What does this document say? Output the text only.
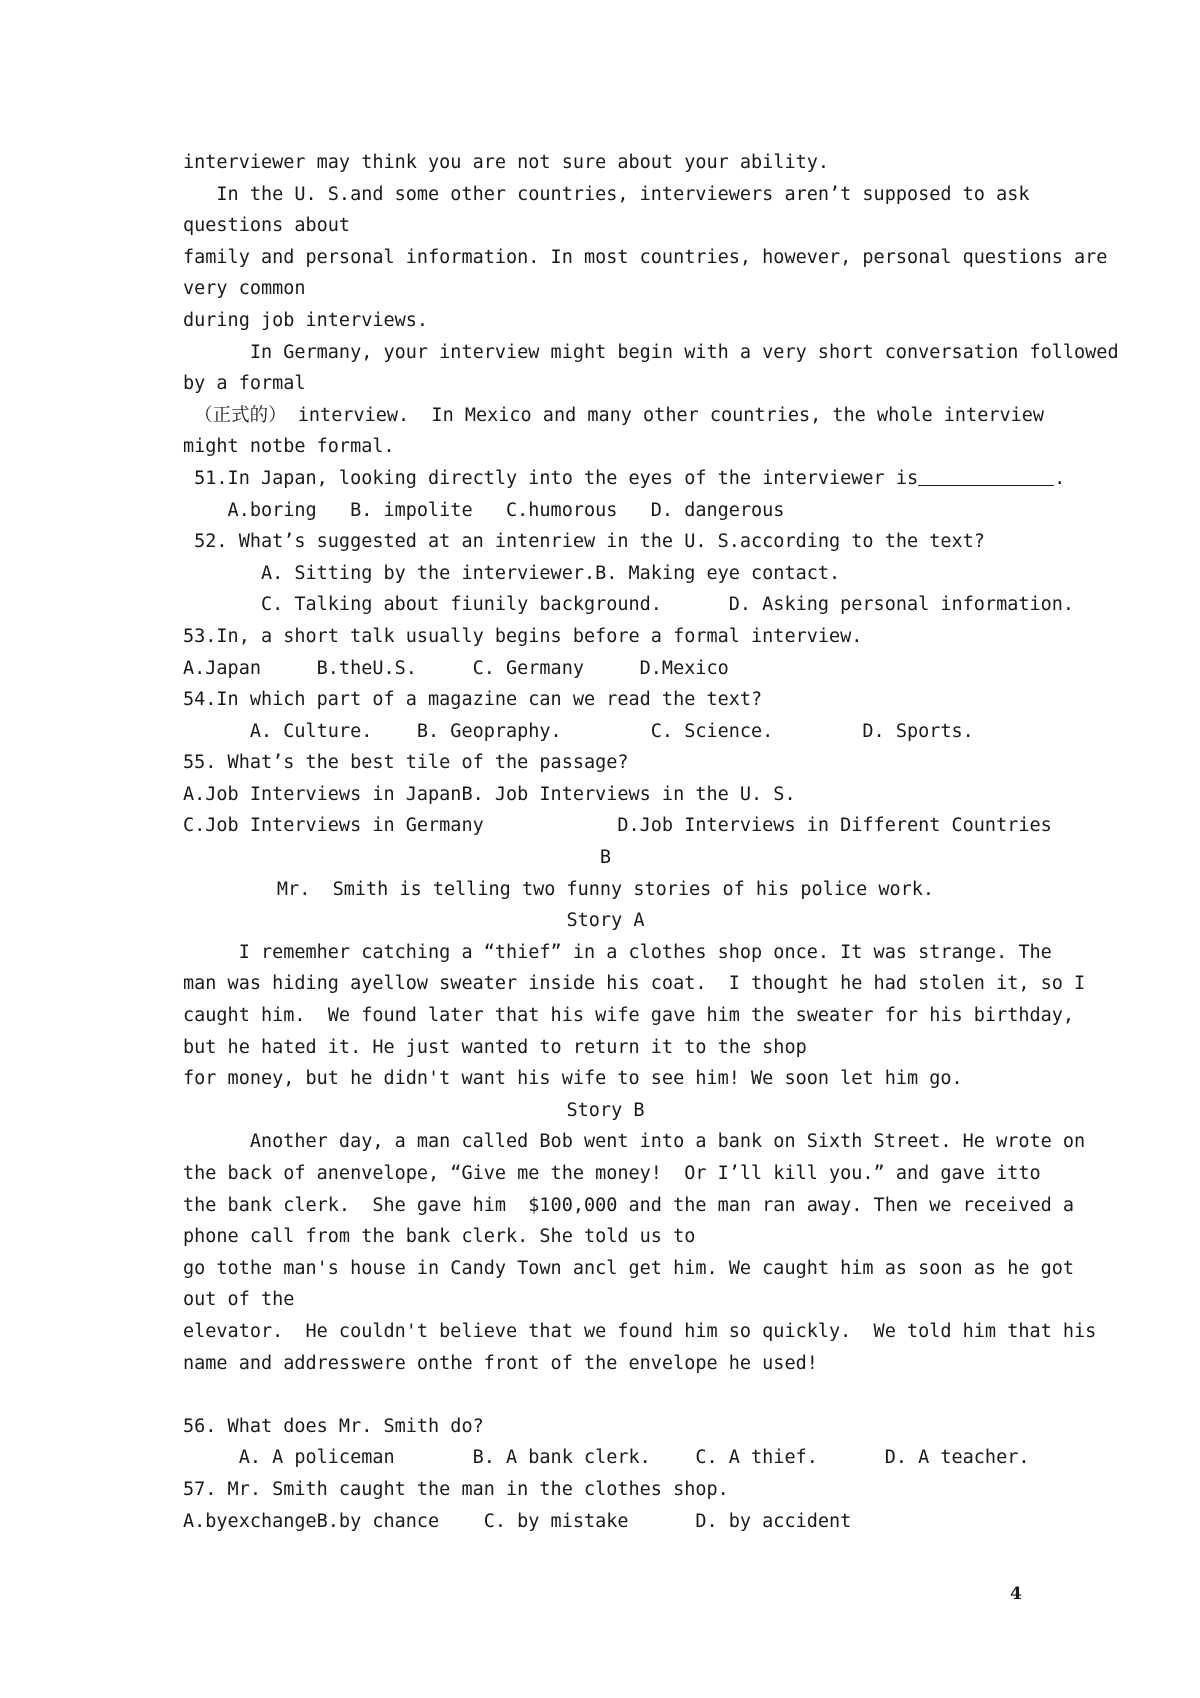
interviewer may think you are not sure about your ability.
In the U. S.and some other countries, interviewers aren’t supposed to ask
questions about
family and personal information. In most countries, however, personal questions are
very common
during job interviews.
In Germany, your interview might begin with a very short conversation followed
by a formal
（正式的） interview.  In Mexico and many other countries, the whole interview
might notbe formal.
51.In Japan, looking directly into the eyes of the interviewer is	.
A.boring   B. impolite   C.humorous   D. dangerous
52. What’s suggested at an intenriew in the U. S.according to the text?
A. Sitting by the interviewer.B. Making eye contact.
C. Talking about fiunily background.      D. Asking personal information.
53.In, a short talk usually begins before a formal interview.
A.Japan     B.theU.S.     C. Germany     D.Mexico
54.In which part of a magazine can we read the text?
A. Culture.    B. Geopraphy.        C. Science.        D. Sports.
55. What’s the best tile of the passage?
A.Job Interviews in JapanB. Job Interviews in the U. S.
C.Job Interviews in Germany            D.Job Interviews in Different Countries
B
Mr.  Smith is telling two funny stories of his police work.
Story A
I rememher catching a “thief” in a clothes shop once. It was strange. The
man was hiding ayellow sweater inside his coat.  I thought he had stolen it, so I
caught him.  We found later that his wife gave him the sweater for his birthday,
but he hated it. He just wanted to return it to the shop
for money, but he didn't want his wife to see him! We soon let him go.
Story B
Another day, a man called Bob went into a bank on Sixth Street. He wrote on
the back of anenvelope, “Give me the money!  Or I’ll kill you.” and gave itto
the bank clerk.  She gave him  $100,000 and the man ran away. Then we received a
phone call from the bank clerk. She told us to
go tothe man's house in Candy Town ancl get him. We caught him as soon as he got
out of the
elevator.  He couldn't believe that we found him so quickly.  We told him that his
name and addresswere onthe front of the envelope he used!
56. What does Mr. Smith do?
A. A policeman       B. A bank clerk.    C. A thief.      D. A teacher.
57. Mr. Smith caught the man in the clothes shop.
A.byexchangeB.by chance    C. by mistake      D. by accident
4
